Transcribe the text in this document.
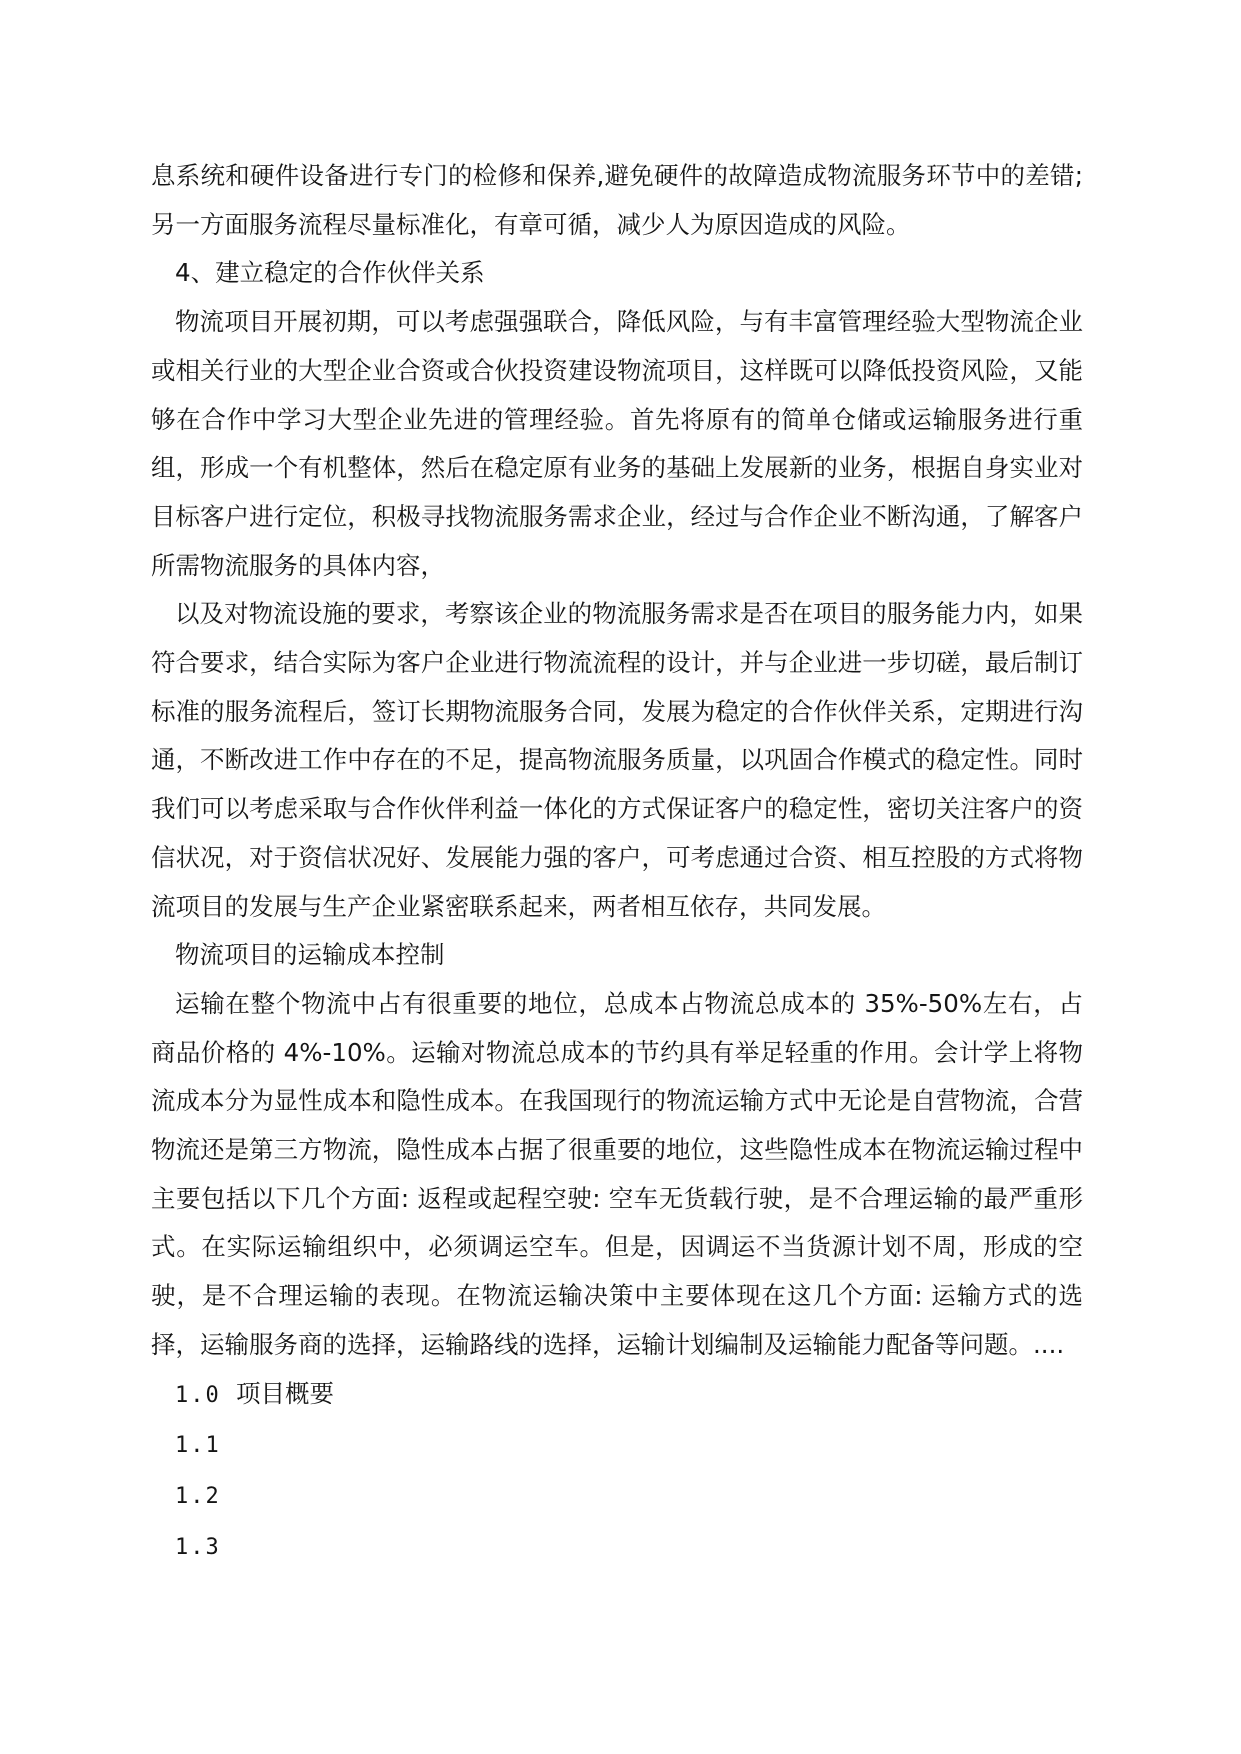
息系统和硬件设备进行专门的检修和保养,避免硬件的故障造成物流服务环节中的差错;另一方面服务流程尽量标准化，有章可循，减少人为原因造成的风险。

4、建立稳定的合作伙伴关系

物流项目开展初期，可以考虑强强联合，降低风险，与有丰富管理经验大型物流企业或相关行业的大型企业合资或合伙投资建设物流项目，这样既可以降低投资风险，又能够在合作中学习大型企业先进的管理经验。首先将原有的简单仓储或运输服务进行重组，形成一个有机整体，然后在稳定原有业务的基础上发展新的业务，根据自身实业对目标客户进行定位，积极寻找物流服务需求企业，经过与合作企业不断沟通，了解客户所需物流服务的具体内容，

以及对物流设施的要求，考察该企业的物流服务需求是否在项目的服务能力内，如果符合要求，结合实际为客户企业进行物流流程的设计，并与企业进一步切磋，最后制订标准的服务流程后，签订长期物流服务合同，发展为稳定的合作伙伴关系，定期进行沟通，不断改进工作中存在的不足，提高物流服务质量，以巩固合作模式的稳定性。同时我们可以考虑采取与合作伙伴利益一体化的方式保证客户的稳定性，密切关注客户的资信状况，对于资信状况好、发展能力强的客户，可考虑通过合资、相互控股的方式将物流项目的发展与生产企业紧密联系起来，两者相互依存，共同发展。

物流项目的运输成本控制

运输在整个物流中占有很重要的地位，总成本占物流总成本的 35%-50%左右，占商品价格的 4%-10%。运输对物流总成本的节约具有举足轻重的作用。会计学上将物流成本分为显性成本和隐性成本。在我国现行的物流运输方式中无论是自营物流，合营物流还是第三方物流，隐性成本占据了很重要的地位，这些隐性成本在物流运输过程中主要包括以下几个方面: 返程或起程空驶: 空车无货载行驶，是不合理运输的最严重形式。在实际运输组织中，必须调运空车。但是，因调运不当货源计划不周，形成的空驶，是不合理运输的表现。在物流运输决策中主要体现在这几个方面: 运输方式的选择，运输服务商的选择，运输路线的选择，运输计划编制及运输能力配备等问题。....

1.0 项目概要

1.1

1.2

1.3
